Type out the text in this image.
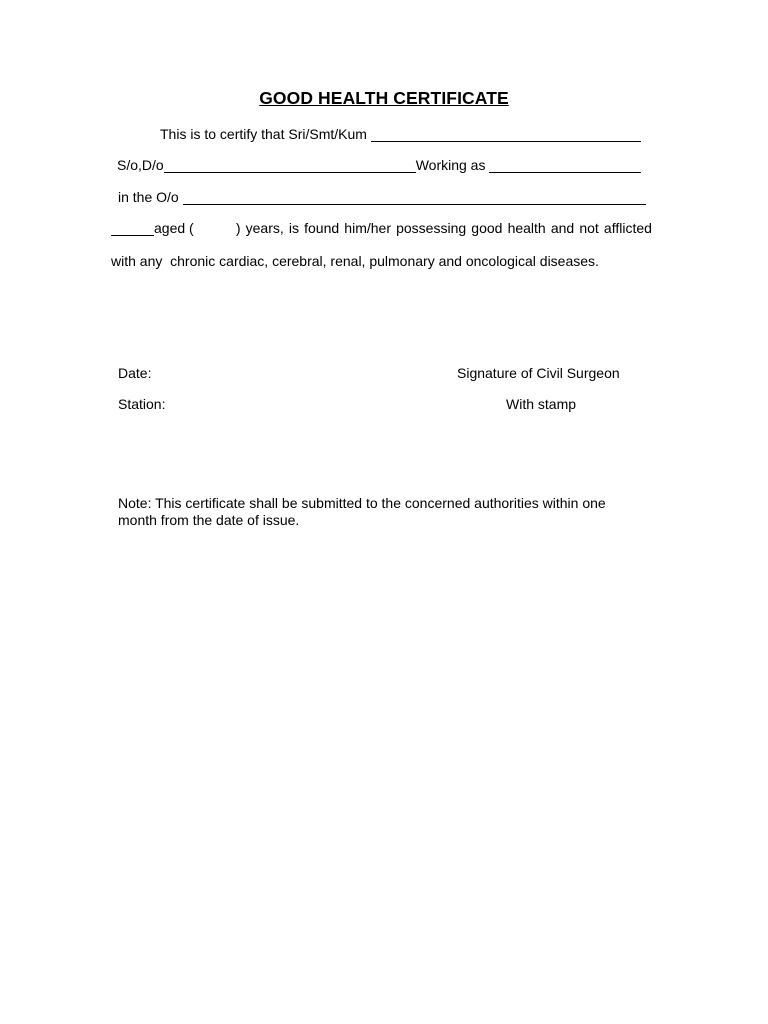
GOOD HEALTH CERTIFICATE
This is to certify that Sri/Smt/Kum
S/o,D/o	Working as
in the O/o
aged (	) years, is found him/her possessing good health and not afflicted
with any  chronic cardiac, cerebral, renal, pulmonary and oncological diseases.
Date:	Signature of Civil Surgeon
Station:	With stamp
Note: This certificate shall be submitted to the concerned authorities within one month from the date of issue.
